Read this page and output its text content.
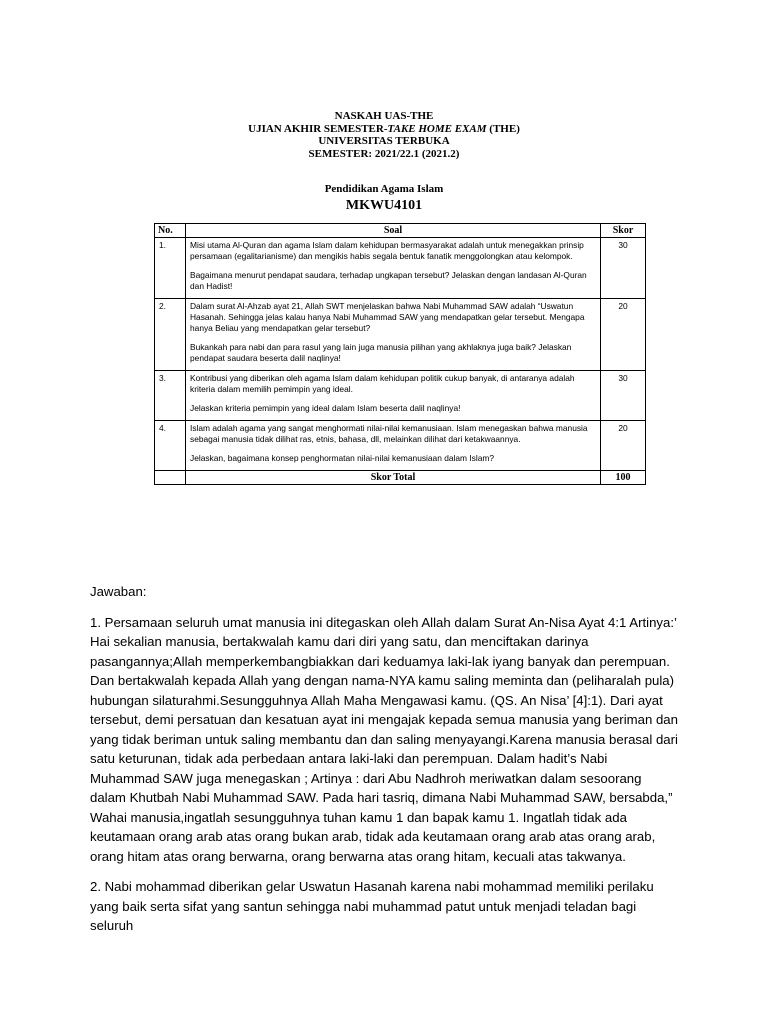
NASKAH UAS-THE
UJIAN AKHIR SEMESTER-TAKE HOME EXAM (THE)
UNIVERSITAS TERBUKA
SEMESTER: 2021/22.1 (2021.2)
Pendidikan Agama Islam
MKWU4101
No.	Soal	Skor
1.	Misi utama Al-Quran dan agama Islam dalam kehidupan bermasyarakat adalah untuk menegakkan prinsip persamaan (egalitarianisme) dan mengikis habis segala bentuk fanatik menggolongkan atau kelompok.

Bagaimana menurut pendapat saudara, terhadap ungkapan tersebut? Jelaskan dengan landasan Al-Quran dan Hadist!	30
2.	Dalam surat Al-Ahzab ayat 21, Allah SWT menjelaskan bahwa Nabi Muhammad SAW adalah “Uswatun Hasanah. Sehingga jelas kalau hanya Nabi Muhammad SAW yang mendapatkan gelar tersebut. Mengapa hanya Beliau yang mendapatkan gelar tersebut?

Bukankah para nabi dan para rasul yang lain juga manusia pilihan yang akhlaknya juga baik? Jelaskan pendapat saudara beserta dalil naqlinya!	20
3.	Kontribusi yang diberikan oleh agama Islam dalam kehidupan politik cukup banyak, di antaranya adalah kriteria dalam memilih pemimpin yang ideal.

Jelaskan kriteria pemimpin yang ideal dalam Islam beserta dalil naqlinya!	30
4.	Islam adalah agama yang sangat menghormati nilai-nilai kemanusiaan. Islam menegaskan bahwa manusia sebagai manusia tidak dilihat ras, etnis, bahasa, dll, melainkan dilihat dari ketakwaannya.

Jelaskan, bagaimana konsep penghormatan nilai-nilai kemanusiaan dalam Islam?	20
	Skor Total	100

Jawaban:

1. Persamaan seluruh umat manusia ini ditegaskan oleh Allah dalam Surat An-Nisa Ayat 4:1 Artinya:’ Hai sekalian manusia, bertakwalah kamu dari diri yang satu, dan menciftakan darinya pasangannya;Allah memperkembangbiakkan dari keduamya laki-lak iyang banyak dan perempuan. Dan bertakwalah kepada Allah yang dengan nama-NYA kamu saling meminta dan (peliharalah pula) hubungan silaturahmi.Sesungguhnya Allah Maha Mengawasi kamu. (QS. An Nisa’ [4]:1). Dari ayat tersebut, demi persatuan dan kesatuan ayat ini mengajak kepada semua manusia yang beriman dan yang tidak beriman untuk saling membantu dan dan saling menyayangi.Karena manusia berasal dari satu keturunan, tidak ada perbedaan antara laki-laki dan perempuan. Dalam hadit’s Nabi Muhammad SAW juga menegaskan ; Artinya : dari Abu Nadhroh meriwatkan dalam sesoorang dalam Khutbah Nabi Muhammad SAW. Pada hari tasriq, dimana Nabi Muhammad SAW, bersabda,” Wahai manusia,ingatlah sesungguhnya tuhan kamu 1 dan bapak kamu 1. Ingatlah tidak ada keutamaan orang arab atas orang bukan arab, tidak ada keutamaan orang arab atas orang arab, orang hitam atas orang berwarna, orang berwarna atas orang hitam, kecuali atas takwanya.

2. Nabi mohammad diberikan gelar Uswatun Hasanah karena nabi mohammad memiliki perilaku yang baik serta sifat yang santun sehingga nabi muhammad patut untuk menjadi teladan bagi seluruh
